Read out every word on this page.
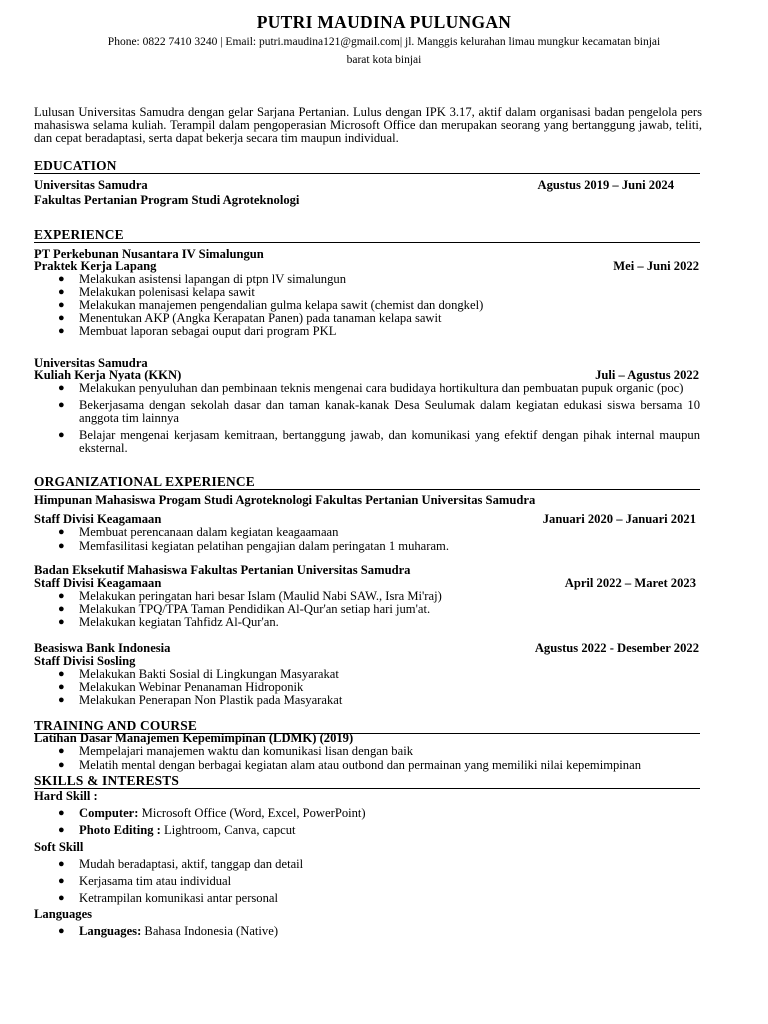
PUTRI MAUDINA PULUNGAN
Phone: 0822 7410 3240 | Email: putri.maudina121@gmail.com| jl. Manggis kelurahan limau mungkur kecamatan binjai
barat kota binjai
Lulusan Universitas Samudra dengan gelar Sarjana Pertanian. Lulus dengan IPK 3.17, aktif dalam organisasi badan pengelola pers mahasiswa selama kuliah. Terampil dalam pengoperasian Microsoft Office dan merupakan seorang yang bertanggung jawab, teliti, dan cepat beradaptasi, serta dapat bekerja secara tim maupun individual.
EDUCATION
Universitas Samudra	Agustus 2019 – Juni 2024
Fakultas Pertanian Program Studi Agroteknologi
EXPERIENCE
PT Perkebunan Nusantara IV Simalungun
Praktek Kerja Lapang	Mei – Juni 2022
● Melakukan asistensi lapangan di ptpn lV simalungun
● Melakukan polenisasi kelapa sawit
● Melakukan manajemen pengendalian gulma kelapa sawit (chemist dan dongkel)
● Menentukan AKP (Angka Kerapatan Panen) pada tanaman kelapa sawit
● Membuat laporan sebagai ouput dari program PKL
Universitas Samudra
Kuliah Kerja Nyata (KKN)	Juli – Agustus 2022
● Melakukan penyuluhan dan pembinaan teknis mengenai cara budidaya hortikultura dan pembuatan pupuk organic (poc)
● Bekerjasama dengan sekolah dasar dan taman kanak-kanak Desa Seulumak dalam kegiatan edukasi siswa bersama 10 anggota tim lainnya
● Belajar mengenai kerjasam kemitraan, bertanggung jawab, dan komunikasi yang efektif dengan pihak internal maupun eksternal.
ORGANIZATIONAL EXPERIENCE
Himpunan Mahasiswa Progam Studi Agroteknologi Fakultas Pertanian Universitas Samudra
Staff Divisi Keagamaan	Januari 2020 – Januari 2021
● Membuat perencanaan dalam kegiatan keagaamaan
● Memfasilitasi kegiatan pelatihan pengajian dalam peringatan 1 muharam.
Badan Eksekutif Mahasiswa Fakultas Pertanian Universitas Samudra
Staff Divisi Keagamaan	April 2022 – Maret 2023
● Melakukan peringatan hari besar Islam (Maulid Nabi SAW., Isra Mi'raj)
● Melakukan TPQ/TPA Taman Pendidikan Al-Qur'an setiap hari jum'at.
● Melakukan kegiatan Tahfidz Al-Qur'an.
Beasiswa Bank Indonesia	Agustus 2022 - Desember 2022
Staff Divisi Sosling
● Melakukan Bakti Sosial di Lingkungan Masyarakat
● Melakukan Webinar Penanaman Hidroponik
● Melakukan Penerapan Non Plastik pada Masyarakat
TRAINING AND COURSE
Latihan Dasar Manajemen Kepemimpinan (LDMK) (2019)
● Mempelajari manajemen waktu dan komunikasi lisan dengan baik
● Melatih mental dengan berbagai kegiatan alam atau outbond dan permainan yang memiliki nilai kepemimpinan
SKILLS & INTERESTS
Hard Skill :
● Computer: Microsoft Office (Word, Excel, PowerPoint)
● Photo Editing : Lightroom, Canva, capcut
Soft Skill
● Mudah beradaptasi, aktif, tanggap dan detail
● Kerjasama tim atau individual
● Ketrampilan komunikasi antar personal
Languages
● Languages: Bahasa Indonesia (Native)
